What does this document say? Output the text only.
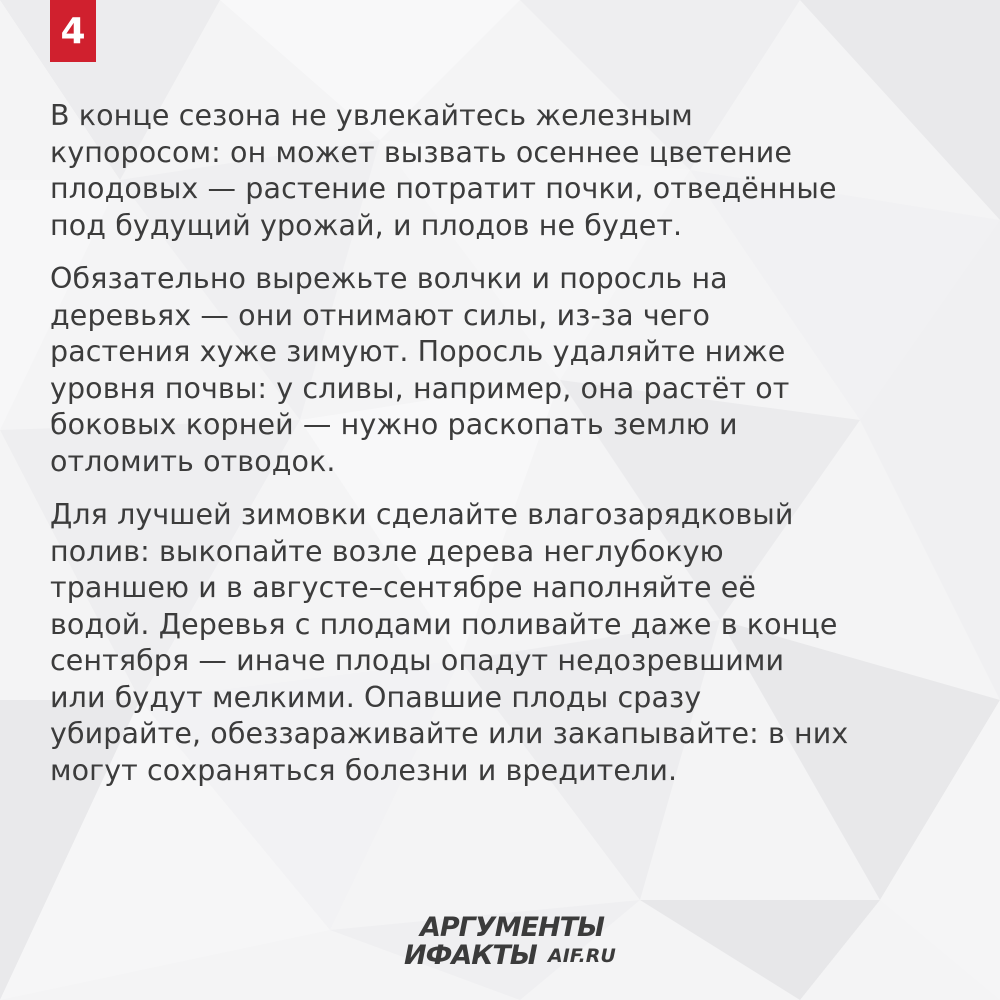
4

В конце сезона не увлекайтесь железным
купоросом: он может вызвать осеннее цветение
плодовых — растение потратит почки, отведённые
под будущий урожай, и плодов не будет.

Обязательно вырежьте волчки и поросль на
деревьях — они отнимают силы, из-за чего
растения хуже зимуют. Поросль удаляйте ниже
уровня почвы: у сливы, например, она растёт от
боковых корней — нужно раскопать землю и
отломить отводок.

Для лучшей зимовки сделайте влагозарядковый
полив: выкопайте возле дерева неглубокую
траншею и в августе–сентябре наполняйте её
водой. Деревья с плодами поливайте даже в конце
сентября — иначе плоды опадут недозревшими
или будут мелкими. Опавшие плоды сразу
убирайте, обеззараживайте или закапывайте: в них
могут сохраняться болезни и вредители.

АРГУМЕНТЫ
ИФАКТЫ AIF.RU
